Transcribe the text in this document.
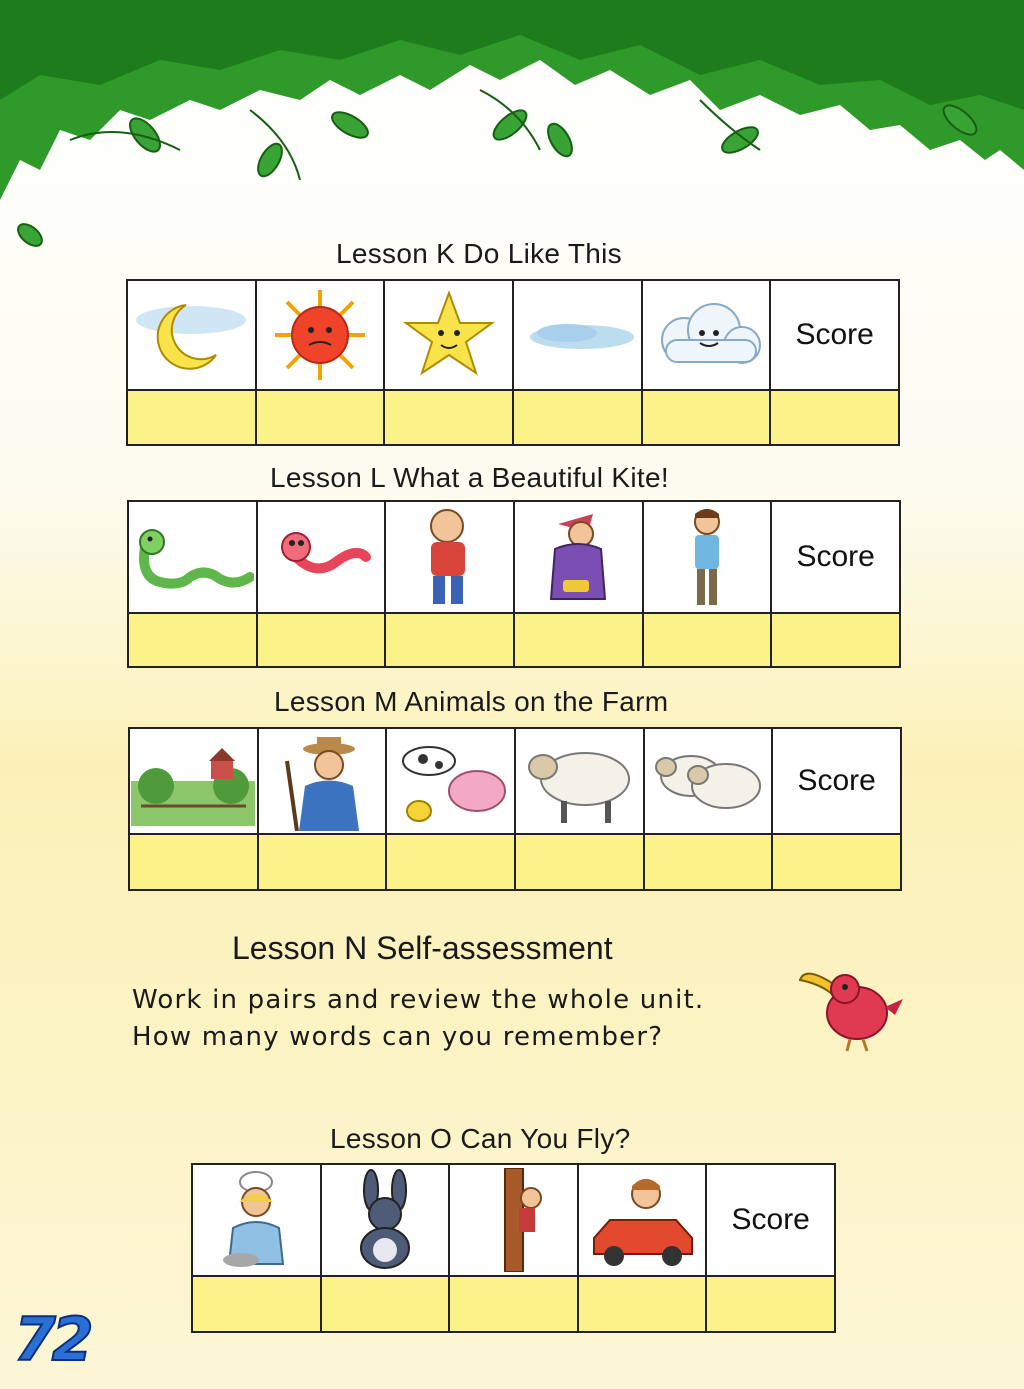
Lesson K Do Like This
Score
Lesson L What a Beautiful Kite!
Score
Lesson M Animals on the Farm
Score
Lesson N Self-assessment
Work in pairs and review the whole unit.
How many words can you remember?
Lesson O Can You Fly?
Score
72
